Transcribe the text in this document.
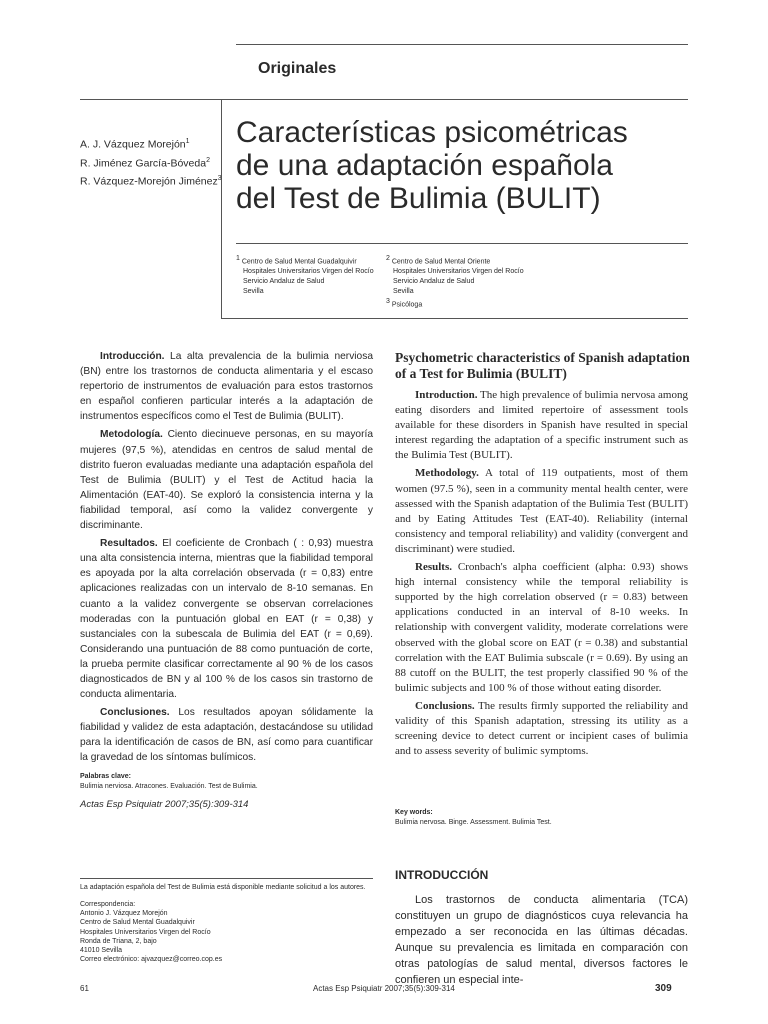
Originales
A. J. Vázquez Morejón$^1$
R. Jiménez García-Bóveda$^2$
R. Vázquez-Morejón Jiménez$^3$
Características psicométricas de una adaptación española del Test de Bulimia (BULIT)
$^1$ Centro de Salud Mental Guadalquivir
Hospitales Universitarios Virgen del Rocío
Servicio Andaluz de Salud
Sevilla
$^2$ Centro de Salud Mental Oriente
Hospitales Universitarios Virgen del Rocío
Servicio Andaluz de Salud
Sevilla
$^3$ Psicóloga

Introducción. La alta prevalencia de la bulimia nerviosa (BN) entre los trastornos de conducta alimentaria y el escaso repertorio de instrumentos de evaluación para estos trastornos en español confieren particular interés a la adaptación de instrumentos específicos como el Test de Bulimia (BULIT).

Metodología. Ciento diecinueve personas, en su mayoría mujeres (97,5 %), atendidas en centros de salud mental de distrito fueron evaluadas mediante una adaptación española del Test de Bulimia (BULIT) y el Test de Actitud hacia la Alimentación (EAT-40). Se exploró la consistencia interna y la fiabilidad temporal, así como la validez convergente y discriminante.

Resultados. El coeficiente de Cronbach ( : 0,93) muestra una alta consistencia interna, mientras que la fiabilidad temporal es apoyada por la alta correlación observada (r = 0,83) entre aplicaciones realizadas con un intervalo de 8-10 semanas. En cuanto a la validez convergente se observan correlaciones moderadas con la puntuación global en EAT (r = 0,38) y sustanciales con la subescala de Bulimia del EAT (r = 0,69). Considerando una puntuación de 88 como puntuación de corte, la prueba permite clasificar correctamente al 90 % de los casos diagnosticados de BN y al 100 % de los casos sin trastorno de conducta alimentaria.

Conclusiones. Los resultados apoyan sólidamente la fiabilidad y validez de esta adaptación, destacándose su utilidad para la identificación de casos de BN, así como para cuantificar la gravedad de los síntomas bulímicos.

Palabras clave:
Bulimia nerviosa. Atracones. Evaluación. Test de Bulimia.
Actas Esp Psiquiatr 2007;35(5):309-314
Psychometric characteristics of Spanish adaptation of a Test for Bulimia (BULIT)

Introduction. The high prevalence of bulimia nervosa among eating disorders and limited repertoire of assessment tools available for these disorders in Spanish have resulted in special interest regarding the adaptation of a specific instrument such as the Bulimia Test (BULIT).

Methodology. A total of 119 outpatients, most of them women (97.5 %), seen in a community mental health center, were assessed with the Spanish adaptation of the Bulimia Test (BULIT) and by Eating Attitudes Test (EAT-40). Reliability (internal consistency and temporal reliability) and validity (convergent and discriminant) were studied.

Results. Cronbach's alpha coefficient (alpha: 0.93) shows high internal consistency while the temporal reliability is supported by the high correlation observed (r = 0.83) between applications conducted in an interval of 8-10 weeks. In relationship with convergent validity, moderate correlations were observed with the global score on EAT (r = 0.38) and substantial correlation with the EAT Bulimia subscale (r = 0.69). By using an 88 cutoff on the BULIT, the test properly classified 90 % of the bulimic subjects and 100 % of those without eating disorder.

Conclusions. The results firmly supported the reliability and validity of this Spanish adaptation, stressing its utility as a screening device to detect current or incipient cases of bulimia and to assess severity of bulimic symptoms.

Key words:
Bulimia nervosa. Binge. Assessment. Bulimia Test.
INTRODUCCIÓN
Los trastornos de conducta alimentaria (TCA) constituyen un grupo de diagnósticos cuya relevancia ha empezado a ser reconocida en las últimas décadas. Aunque su prevalencia es limitada en comparación con otras patologías de salud mental, diversos factores le confieren un especial inte-
La adaptación española del Test de Bulimia está disponible mediante solicitud a los autores.
Correspondencia:
Antonio J. Vázquez Morejón
Centro de Salud Mental Guadalquivir
Hospitales Universitarios Virgen del Rocío
Ronda de Triana, 2, bajo
41010 Sevilla
Correo electrónico: ajvazquez@correo.cop.es
61	Actas Esp Psiquiatr 2007;35(5):309-314	309
